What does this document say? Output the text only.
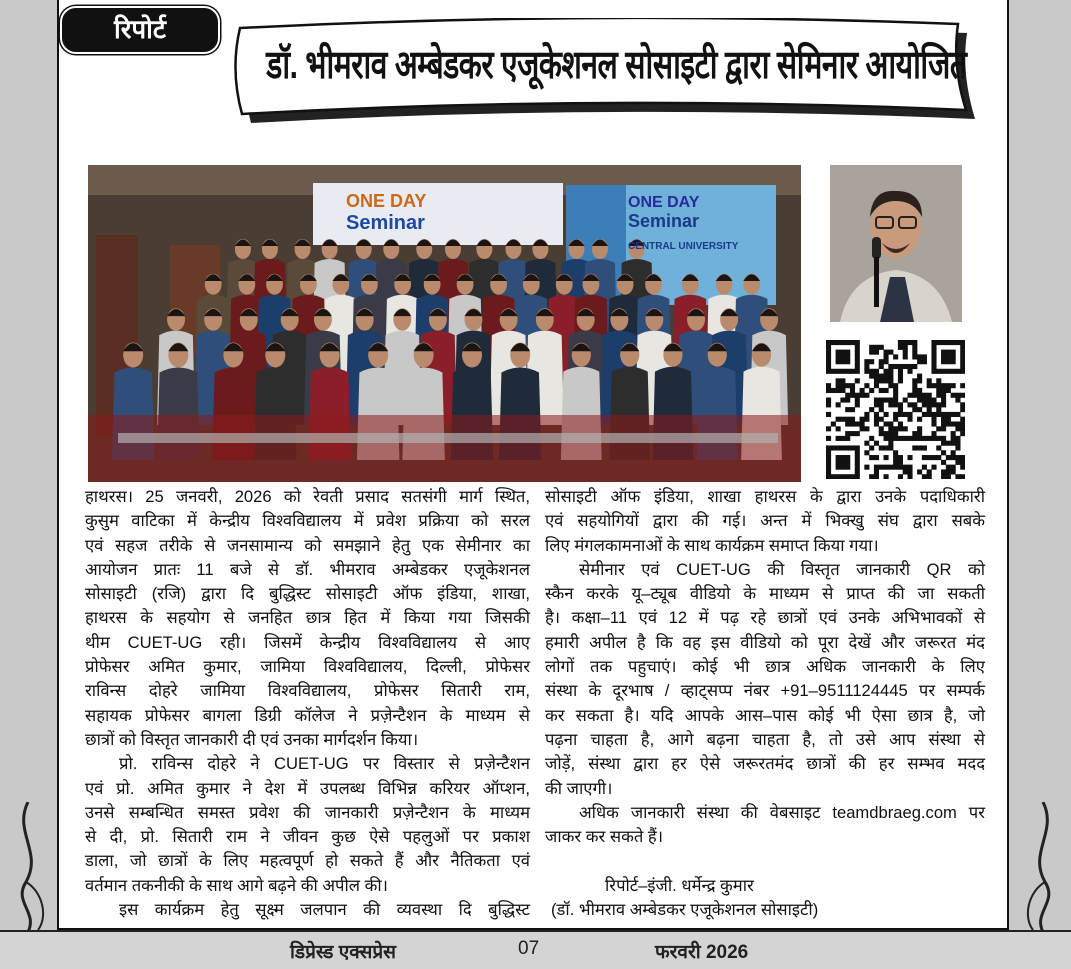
रिपोर्ट
डॉ. भीमराव अम्बेडकर एजूकेशनल सोसाइटी द्वारा सेमिनार आयोजित
ONE DAY
Seminar
ONE DAY
Seminar
CENTRAL UNIVERSITY
हाथरस। 25 जनवरी, 2026 को रेवती प्रसाद सतसंगी मार्ग स्थित,
कुसुम वाटिका में केन्द्रीय विश्वविद्यालय में प्रवेश प्रक्रिया को सरल
एवं सहज तरीके से जनसामान्य को समझाने हेतु एक सेमीनार का
आयोजन प्रातः 11 बजे से डॉ. भीमराव अम्बेडकर एजूकेशनल
सोसाइटी (रजि) द्वारा दि बुद्धिस्ट सोसाइटी ऑफ इंडिया, शाखा,
हाथरस के सहयोग से जनहित छात्र हित में किया गया जिसकी
थीम CUET-UG रही। जिसमें केन्द्रीय विश्वविद्यालय से आए
प्रोफेसर अमित कुमार, जामिया विश्वविद्यालय, दिल्ली, प्रोफेसर
राविन्स दोहरे जामिया विश्वविद्यालय, प्रोफेसर सितारी राम,
सहायक प्रोफेसर बागला डिग्री कॉलेज ने प्रज़ेन्टैशन के माध्यम से
छात्रों को विस्तृत जानकारी दी एवं उनका मार्गदर्शन किया।
प्रो. राविन्स दोहरे ने CUET-UG पर विस्तार से प्रज़ेन्टैशन
एवं प्रो. अमित कुमार ने देश में उपलब्ध विभिन्न करियर ऑप्शन,
उनसे सम्बन्धित समस्त प्रवेश की जानकारी प्रज़ेन्टैशन के माध्यम
से दी, प्रो. सितारी राम ने जीवन कुछ ऐसे पहलुओं पर प्रकाश
डाला, जो छात्रों के लिए महत्वपूर्ण हो सकते हैं और नैतिकता एवं
वर्तमान तकनीकी के साथ आगे बढ़ने की अपील की।
इस कार्यक्रम हेतु सूक्ष्म जलपान की व्यवस्था दि बुद्धिस्ट
सोसाइटी ऑफ इंडिया, शाखा हाथरस के द्वारा उनके पदाधिकारी
एवं सहयोगियों द्वारा की गई। अन्त में भिक्खु संघ द्वारा सबके
लिए मंगलकामनाओं के साथ कार्यक्रम समाप्त किया गया।
सेमीनार एवं CUET-UG की विस्तृत जानकारी QR को
स्कैन करके यू–ट्यूब वीडियो के माध्यम से प्राप्त की जा सकती
है। कक्षा–11 एवं 12 में पढ़ रहे छात्रों एवं उनके अभिभावकों से
हमारी अपील है कि वह इस वीडियो को पूरा देखें और जरूरत मंद
लोगों तक पहुचाएं। कोई भी छात्र अधिक जानकारी के लिए
संस्था के दूरभाष / व्हाट्सप्प नंबर +91–9511124445 पर सम्पर्क
कर सकता है। यदि आपके आस–पास कोई भी ऐसा छात्र है, जो
पढ़ना चाहता है, आगे बढ़ना चाहता है, तो उसे आप संस्था से
जोड़ें, संस्था द्वारा हर ऐसे जरूरतमंद छात्रों की हर सम्भव मदद
की जाएगी।
अधिक जानकारी संस्था की वेबसाइट teamdbraeg.com पर
जाकर कर सकते हैं।
रिपोर्ट–इंजी. धर्मेन्द्र कुमार
(डॉ. भीमराव अम्बेडकर एजूकेशनल सोसाइटी)
डिप्रेस्ड एक्सप्रेस	07	फरवरी 2026
